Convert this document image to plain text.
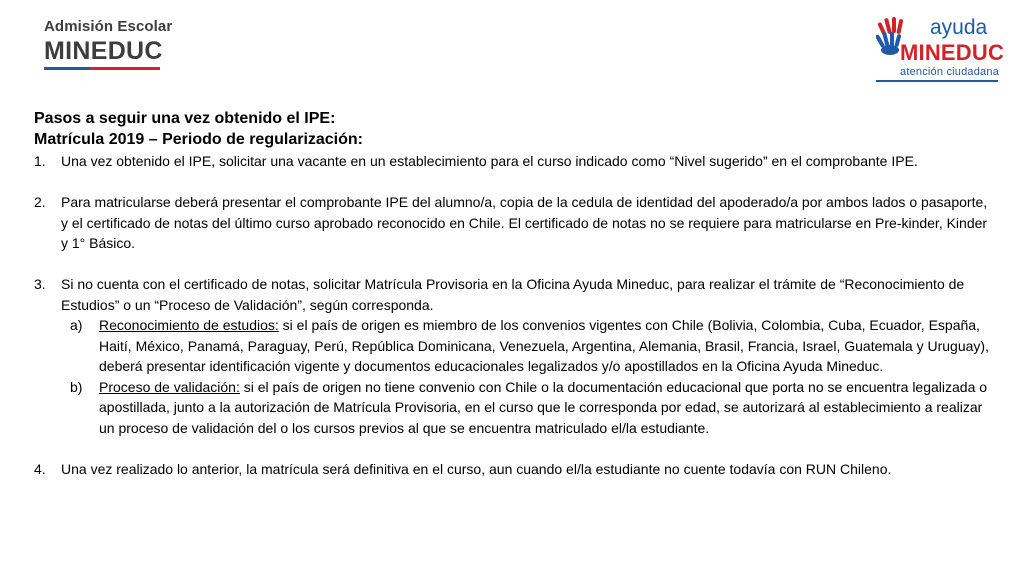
Admisión Escolar
MINEDUC
ayuda
MINEDUC
atención ciudadana

Pasos a seguir una vez obtenido el IPE:

Matrícula 2019 – Periodo de regularización:

1.	Una vez obtenido el IPE, solicitar una vacante en un establecimiento para el curso indicado como “Nivel sugerido” en el comprobante IPE.
2.	Para matricularse deberá presentar el comprobante IPE del alumno/a, copia de la cedula de identidad del apoderado/a por ambos lados o pasaporte, y el certificado de notas del último curso aprobado reconocido en Chile. El certificado de notas no se requiere para matricularse en Pre-kinder, Kinder y 1° Básico.
3.	Si no cuenta con el certificado de notas, solicitar Matrícula Provisoria en la Oficina Ayuda Mineduc, para realizar el trámite de “Reconocimiento de Estudios” o un “Proceso de Validación”, según corresponda.
a)	Reconocimiento de estudios: si el país de origen es miembro de los convenios vigentes con Chile (Bolivia, Colombia, Cuba, Ecuador, España, Haití, México, Panamá, Paraguay, Perú, República Dominicana, Venezuela, Argentina, Alemania, Brasil, Francia, Israel, Guatemala y Uruguay), deberá presentar identificación vigente y documentos educacionales legalizados y/o apostillados en la Oficina Ayuda Mineduc.
b)	Proceso de validación: si el país de origen no tiene convenio con Chile o la documentación educacional que porta no se encuentra legalizada o apostillada, junto a la autorización de Matrícula Provisoria, en el curso que le corresponda por edad, se autorizará al establecimiento a realizar un proceso de validación del o los cursos previos al que se encuentra matriculado el/la estudiante.
4.	Una vez realizado lo anterior, la matrícula será definitiva en el curso, aun cuando el/la estudiante no cuente todavía con RUN Chileno.
